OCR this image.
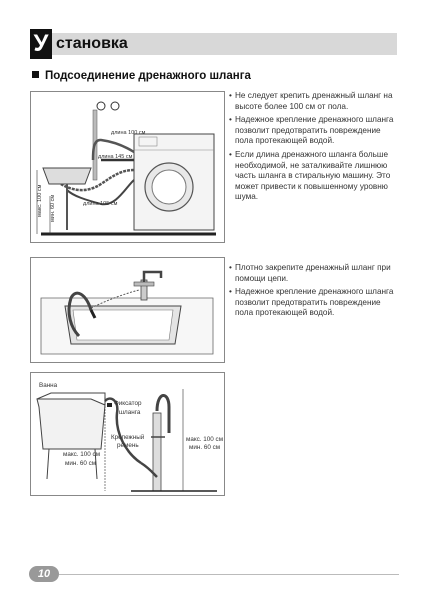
У становка
Подсоединение дренажного шланга
макс. 100 см мин. 60 см
длина 100 см
длина 145 см
длина 105 см
• Не следует крепить дренажный шланг на высоте более 100 см от пола.
• Надежное крепление дренажного шланга позволит предотвратить повреждение пола протекающей водой.
• Если длина дренажного шланга больше необходимой, не заталкивайте лишнюю часть шланга в стиральную машину. Это может привести к повышенному уровню шума.
• Плотно закрепите дренажный шланг при помощи цепи.
• Надежное крепление дренажного шланга позволит предотвратить повреждение пола протекающей водой.
Ванна
Фиксатор
шланга
Крепежный
ремень
макс. 100 см
мин. 60 см
макс. 100 см
мин. 60 см
10
